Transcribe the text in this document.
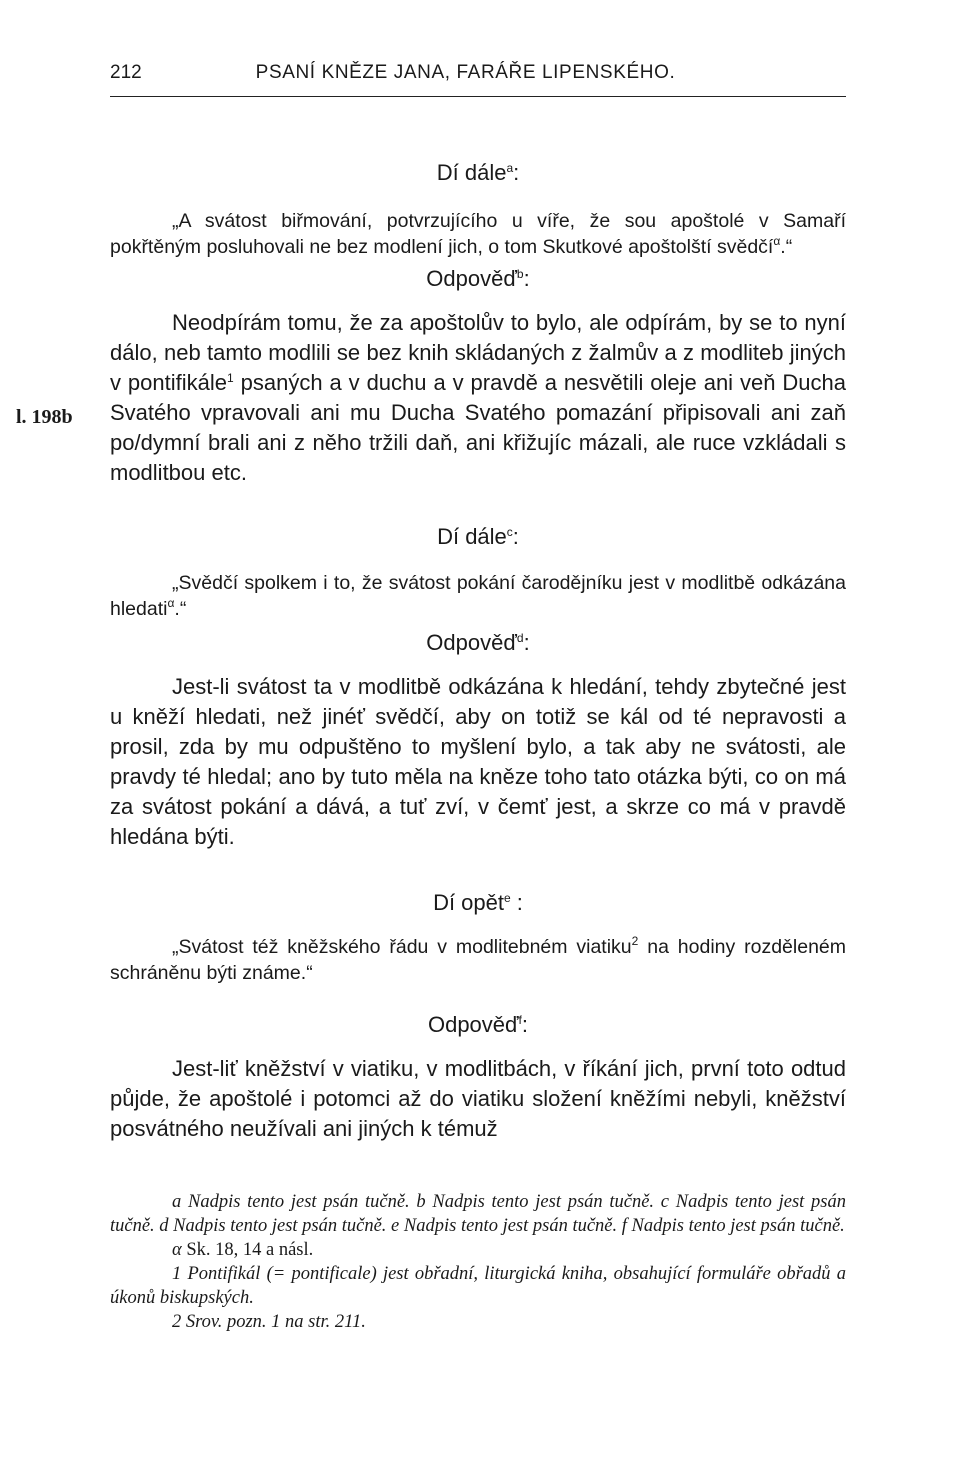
212	PSANÍ KNĚZE JANA, FARÁŘE LIPENSKÉHO.

Dí dále$^a$:

„A svátost biřmování, potvrzujícího u víře, že sou apoštolé v Samaří pokřtěným posluhovali ne bez modlení jich, o tom Skutkové apoštolští svědčí$^\alpha$.“

Odpověď$^b$:

l. 198b

Neodpírám tomu, že za apoštolův to bylo, ale odpírám, by se to nyní dálo, neb tamto modlili se bez knih skládaných z žalmův a z modliteb jiných v pontifikále$^1$ psaných a v duchu a v pravdě a nesvětili oleje ani veň Ducha Svatého vpravovali ani mu Ducha Svatého pomazání připisovali ani zaň po/dymní brali ani z něho tržili daň, ani křižujíc mázali, ale ruce vzkládali s modlitbou etc.

Dí dále$^c$:

„Svědčí spolkem i to, že svátost pokání čarodějníku jest v modlitbě odkázána hledati$^\alpha$.“

Odpověď$^d$:

Jest-li svátost ta v modlitbě odkázána k hledání, tehdy zbytečné jest u kněží hledati, než jinéť svědčí, aby on totiž se kál od té nepravosti a prosil, zda by mu odpuštěno to myšlení bylo, a tak aby ne svátosti, ale pravdy té hledal; ano by tuto měla na kněze toho tato otázka býti, co on má za svátost pokání a dává, a tuť zví, v čemť jest, a skrze co má v pravdě hledána býti.

Dí opět$^e$ :

„Svátost též kněžského řádu v modlitebném viatiku$^2$ na hodiny rozděleném schráněnu býti známe.“

Odpověď$^f$:

Jest-liť kněžství v viatiku, v modlitbách, v říkání jich, první toto odtud půjde, že apoštolé i potomci až do viatiku složení kněžími nebyli, kněžství posvátného neužívali ani jiných k témuž

a Nadpis tento jest psán tučně. b Nadpis tento jest psán tučně. c Nadpis tento jest psán tučně. d Nadpis tento jest psán tučně. e Nadpis tento jest psán tučně. f Nadpis tento jest psán tučně.

α Sk. 18, 14 a násl.

1 Pontifikál (= pontificale) jest obřadní, liturgická kniha, obsahující formuláře obřadů a úkonů biskupských.

2 Srov. pozn. 1 na str. 211.
